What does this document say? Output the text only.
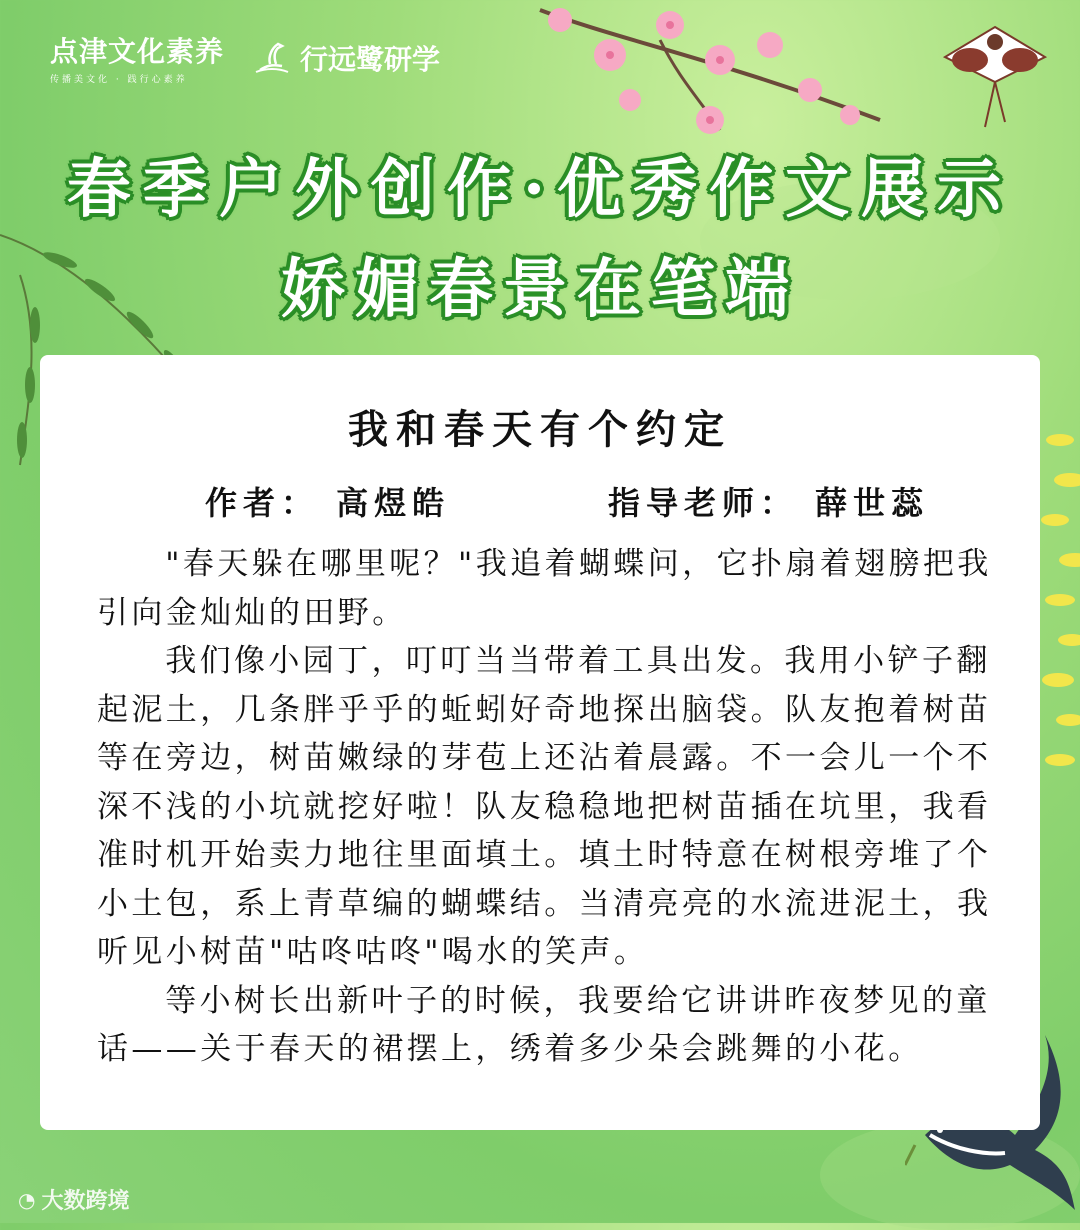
点津文化素养
传播美文化 · 践行心素养
行远鹭研学
春季户外创作·优秀作文展示
娇媚春景在笔端
我和春天有个约定
作者： 高煜皓	指导老师： 薛世蕊

"春天躲在哪里呢？"我追着蝴蝶问，它扑扇着翅膀把我引向金灿灿的田野。

我们像小园丁，叮叮当当带着工具出发。我用小铲子翻起泥土，几条胖乎乎的蚯蚓好奇地探出脑袋。队友抱着树苗等在旁边，树苗嫩绿的芽苞上还沾着晨露。不一会儿一个不深不浅的小坑就挖好啦！队友稳稳地把树苗插在坑里，我看准时机开始卖力地往里面填土。填土时特意在树根旁堆了个小土包，系上青草编的蝴蝶结。当清亮亮的水流进泥土，我听见小树苗"咕咚咕咚"喝水的笑声。

等小树长出新叶子的时候，我要给它讲讲昨夜梦见的童话——关于春天的裙摆上，绣着多少朵会跳舞的小花。

◔ 大数跨境
